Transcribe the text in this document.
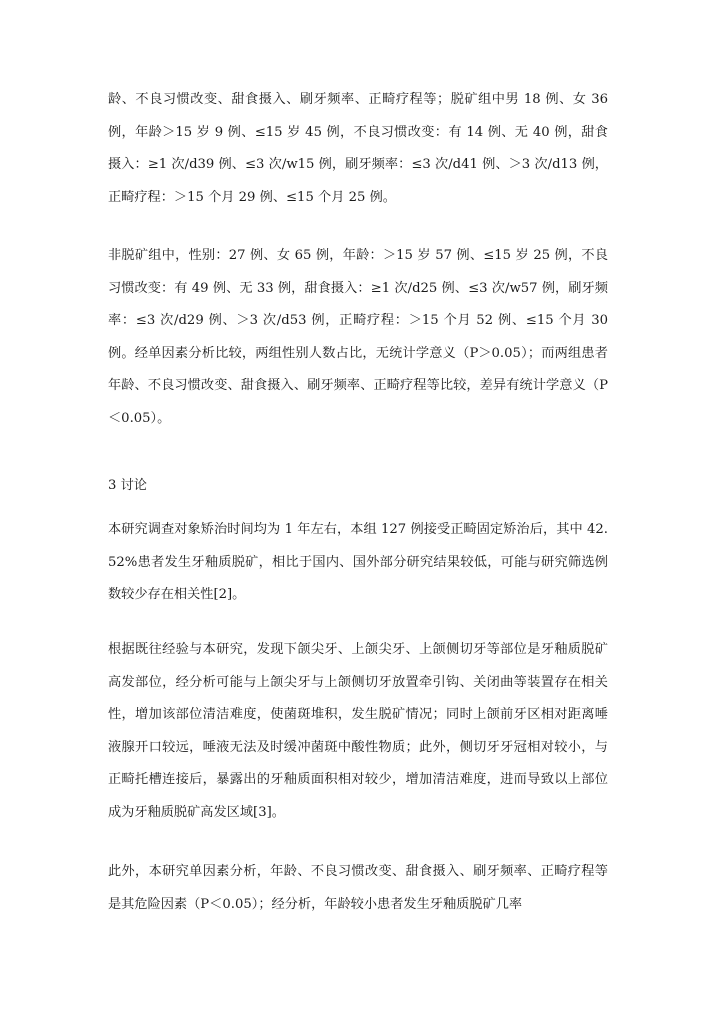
龄、不良习惯改变、甜食摄入、刷牙频率、正畸疗程等；脱矿组中男 18 例、女 36 例，年龄＞15 岁 9 例、≤15 岁 45 例，不良习惯改变：有 14 例、无 40 例，甜食摄入：≥1 次/d39 例、≤3 次/w15 例，刷牙频率：≤3 次/d41 例、＞3 次/d13 例，正畸疗程：＞15 个月 29 例、≤15 个月 25 例。

非脱矿组中，性别：27 例、女 65 例，年龄：＞15 岁 57 例、≤15 岁 25 例，不良习惯改变：有 49 例、无 33 例，甜食摄入：≥1 次/d25 例、≤3 次/w57 例，刷牙频率：≤3 次/d29 例、＞3 次/d53 例，正畸疗程：＞15 个月 52 例、≤15 个月 30 例。经单因素分析比较，两组性别人数占比，无统计学意义（P＞0.05）；而两组患者年龄、不良习惯改变、甜食摄入、刷牙频率、正畸疗程等比较，差异有统计学意义（P＜0.05）。

3 讨论

本研究调查对象矫治时间均为 1 年左右，本组 127 例接受正畸固定矫治后，其中 42.52%患者发生牙釉质脱矿，相比于国内、国外部分研究结果较低，可能与研究筛选例数较少存在相关性[2]。

根据既往经验与本研究，发现下颌尖牙、上颌尖牙、上颌侧切牙等部位是牙釉质脱矿高发部位，经分析可能与上颌尖牙与上颌侧切牙放置牵引钩、关闭曲等装置存在相关性，增加该部位清洁难度，使菌斑堆积，发生脱矿情况；同时上颌前牙区相对距离唾液腺开口较远，唾液无法及时缓冲菌斑中酸性物质；此外，侧切牙牙冠相对较小，与正畸托槽连接后，暴露出的牙釉质面积相对较少，增加清洁难度，进而导致以上部位成为牙釉质脱矿高发区域[3]。

此外，本研究单因素分析，年龄、不良习惯改变、甜食摄入、刷牙频率、正畸疗程等是其危险因素（P＜0.05）；经分析，年龄较小患者发生牙釉质脱矿几率
